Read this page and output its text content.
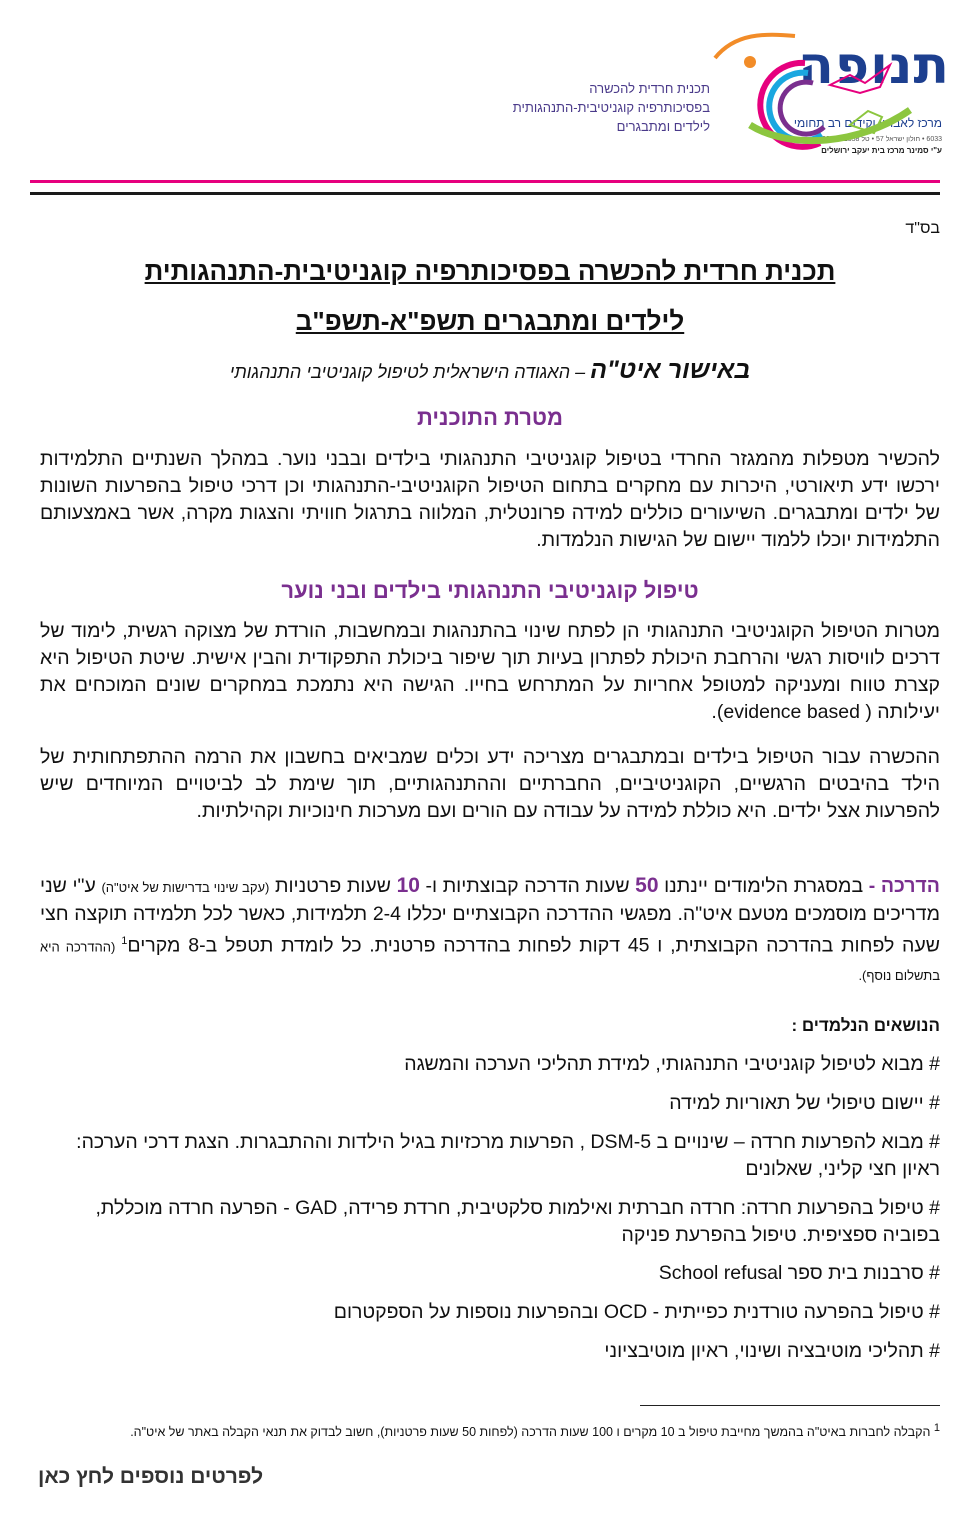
תנופה
מרכז לאבחון וקידום רב תחומי
6033 • חולון ישראל 57 • טל 02-5372358
ע"י סמינר מרכז בית יעקב ירושלים
תכנית חרדית להכשרה
בפסיכותרפיה קוגניטיבית-התנהגותית
לילדים ומתבגרים
בס"ד
תכנית חרדית להכשרה בפסיכותרפיה קוגניטיבית-התנהגותית
לילדים ומתבגרים תשפ"א-תשפ"ב
באישור איט"ה – האגודה הישראלית לטיפול קוגניטיבי התנהגותי
מטרת התוכנית

להכשיר מטפלות מהמגזר החרדי בטיפול קוגניטיבי התנהגותי בילדים ובבני נוער. במהלך השנתיים התלמידות ירכשו ידע תיאורטי, היכרות עם מחקרים בתחום הטיפול הקוגניטיבי-התנהגותי וכן דרכי טיפול בהפרעות השונות של ילדים ומתבגרים. השיעורים כוללים למידה פרונטלית, המלווה בתרגול חוויתי והצגות מקרה, אשר באמצעותם התלמידות יוכלו ללמוד יישום של הגישות הנלמדות.

טיפול קוגניטיבי התנהגותי בילדים ובני נוער

מטרות הטיפול הקוגניטיבי התנהגותי הן לפתח שינוי בהתנהגות ובמחשבות, הורדת של מצוקה רגשית, לימוד של דרכים לוויסות רגשי והרחבת היכולת לפתרון בעיות תוך שיפור ביכולת התפקודית והבין אישית. שיטת הטיפול היא קצרת טווח ומעניקה למטופל אחריות על המתרחש בחייו. הגישה היא נתמכת במחקרים שונים המוכחים את יעילותה ( evidence based).

ההכשרה עבור הטיפול בילדים ובמתבגרים מצריכה ידע וכלים שמביאים בחשבון את הרמה ההתפתחותית של הילד בהיבטים הרגשיים, הקוגניטיביים, החברתיים וההתנהגותיים, תוך שימת לב לביטויים המיוחדים שיש להפרעות אצל ילדים. היא כוללת למידה על עבודה עם הורים ועם מערכות חינוכיות וקהילתיות.

הדרכה - במסגרת הלימודים יינתנו 50 שעות הדרכה קבוצתיות ו- 10 שעות פרטניות (עקב שינוי בדרישות של איט"ה) ע"י שני מדריכים מוסמכים מטעם איט"ה. מפגשי ההדרכה הקבוצתיים יכללו 2-4 תלמידות, כאשר לכל תלמידה תוקצה חצי שעה לפחות בהדרכה הקבוצתית, ו 45 דקות לפחות בהדרכה פרטנית. כל לומדת תטפל ב-8 מקרים$^1$ (ההדרכה היא בתשלום נוסף).

הנושאים הנלמדים :

# מבוא לטיפול קוגניטיבי התנהגותי, למידת תהליכי הערכה והמשגה

# יישום טיפולי של תאוריות למידה

# מבוא להפרעות חרדה – שינויים ב DSM-5 , הפרעות מרכזיות בגיל הילדות וההתבגרות. הצגת דרכי הערכה: ראיון חצי קליני, שאלונים

# טיפול בהפרעות חרדה: חרדה חברתית ואילמות סלקטיבית, חרדת פרידה, GAD - הפרעה חרדה מוכללת, בפוביה ספציפית. טיפול בהפרעת פניקה

# סרבנות בית ספר School refusal

# טיפול בהפרעה טורדנית כפייתית - OCD ובהפרעות נוספות על הספקטרום

# תהליכי מוטיבציה ושינוי, ראיון מוטיבציוני

$^1$ הקבלה לחברות באיט"ה בהמשך מחייבת טיפול ב 10 מקרים ו 100 שעות הדרכה (לפחות 50 שעות פרטניות), חשוב לבדוק את תנאי הקבלה באתר של איט"ה.

לפרטים נוספים לחץ כאן
